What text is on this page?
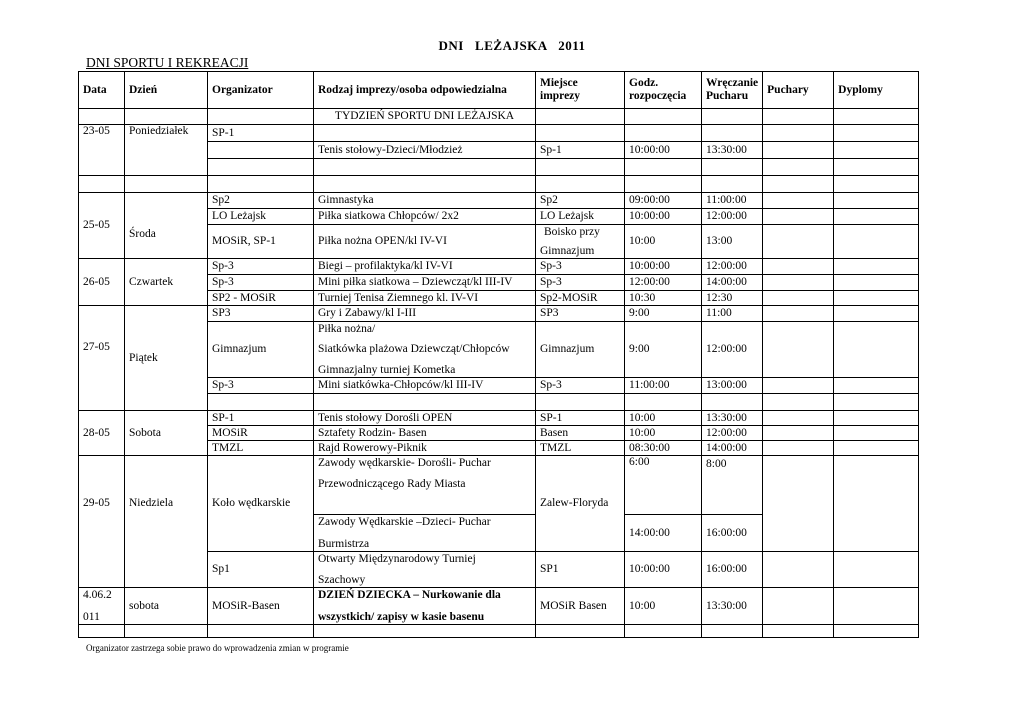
DNI   LEŻAJSKA   2011
DNI SPORTU I REKREACJI
Data	Dzień	Organizator	Rodzaj imprezy/osoba odpowiedzialna	Miejsce
imprezy	Godz.
rozpoczęcia	Wręczanie
Pucharu	Puchary	Dyplomy
			TYDZIEŃ SPORTU DNI LEŻAJSKA					
23-05	Poniedziałek	SP-1						
			Tenis stołowy-Dzieci/Młodzież	Sp-1	10:00:00	13:30:00		

25-05	Środa	Sp2	Gimnastyka	Sp2	09:00:00	11:00:00		
		LO Leżajsk	Piłka siatkowa Chłopców/ 2x2	LO Leżajsk	10:00:00	12:00:00		
		MOSiR, SP-1	Piłka nożna OPEN/kl IV-VI	Boisko przy
Gimnazjum	10:00	13:00		
26-05	Czwartek	Sp-3	Biegi – profilaktyka/kl IV-VI	Sp-3	10:00:00	12:00:00		
		Sp-3	Mini piłka siatkowa – Dziewcząt/kl III-IV	Sp-3	12:00:00	14:00:00		
		SP2 - MOSiR	Turniej Tenisa Ziemnego kl. IV-VI	Sp2-MOSiR	10:30	12:30		

27-05	Piątek	SP3	Gry i Zabawy/kl I-III	SP3	9:00	11:00		
		Gimnazjum	Piłka nożna/
Siatkówka plażowa Dziewcząt/Chłopców
Gimnazjalny turniej Kometka	Gimnazjum	9:00	12:00:00		
		Sp-3	Mini siatkówka-Chłopców/kl III-IV	Sp-3	11:00:00	13:00:00		

28-05	Sobota	SP-1	Tenis stołowy Dorośli OPEN	SP-1	10:00	13:30:00		
		MOSiR	Sztafety Rodzin- Basen	Basen	10:00	12:00:00		
		TMZL	Rajd Rowerowy-Piknik	TMZL	08:30:00	14:00:00		

29-05	Niedziela	Koło wędkarskie	Zawody wędkarskie- Dorośli- Puchar
Przewodniczącego Rady Miasta	Zalew-Floryda	6:00	8:00		

			Zawody Wędkarskie –Dzieci- Puchar
Burmistrza		14:00:00	16:00:00		
		Sp1	Otwarty Międzynarodowy Turniej
Szachowy	SP1	10:00:00	16:00:00		

4.06.2
011	sobota	MOSiR-Basen	DZIEŃ DZIECKA – Nurkowanie dla
wszystkich/ zapisy w kasie basenu	MOSiR Basen	10:00	13:30:00		

Organizator zastrzega sobie prawo do wprowadzenia zmian w programie
